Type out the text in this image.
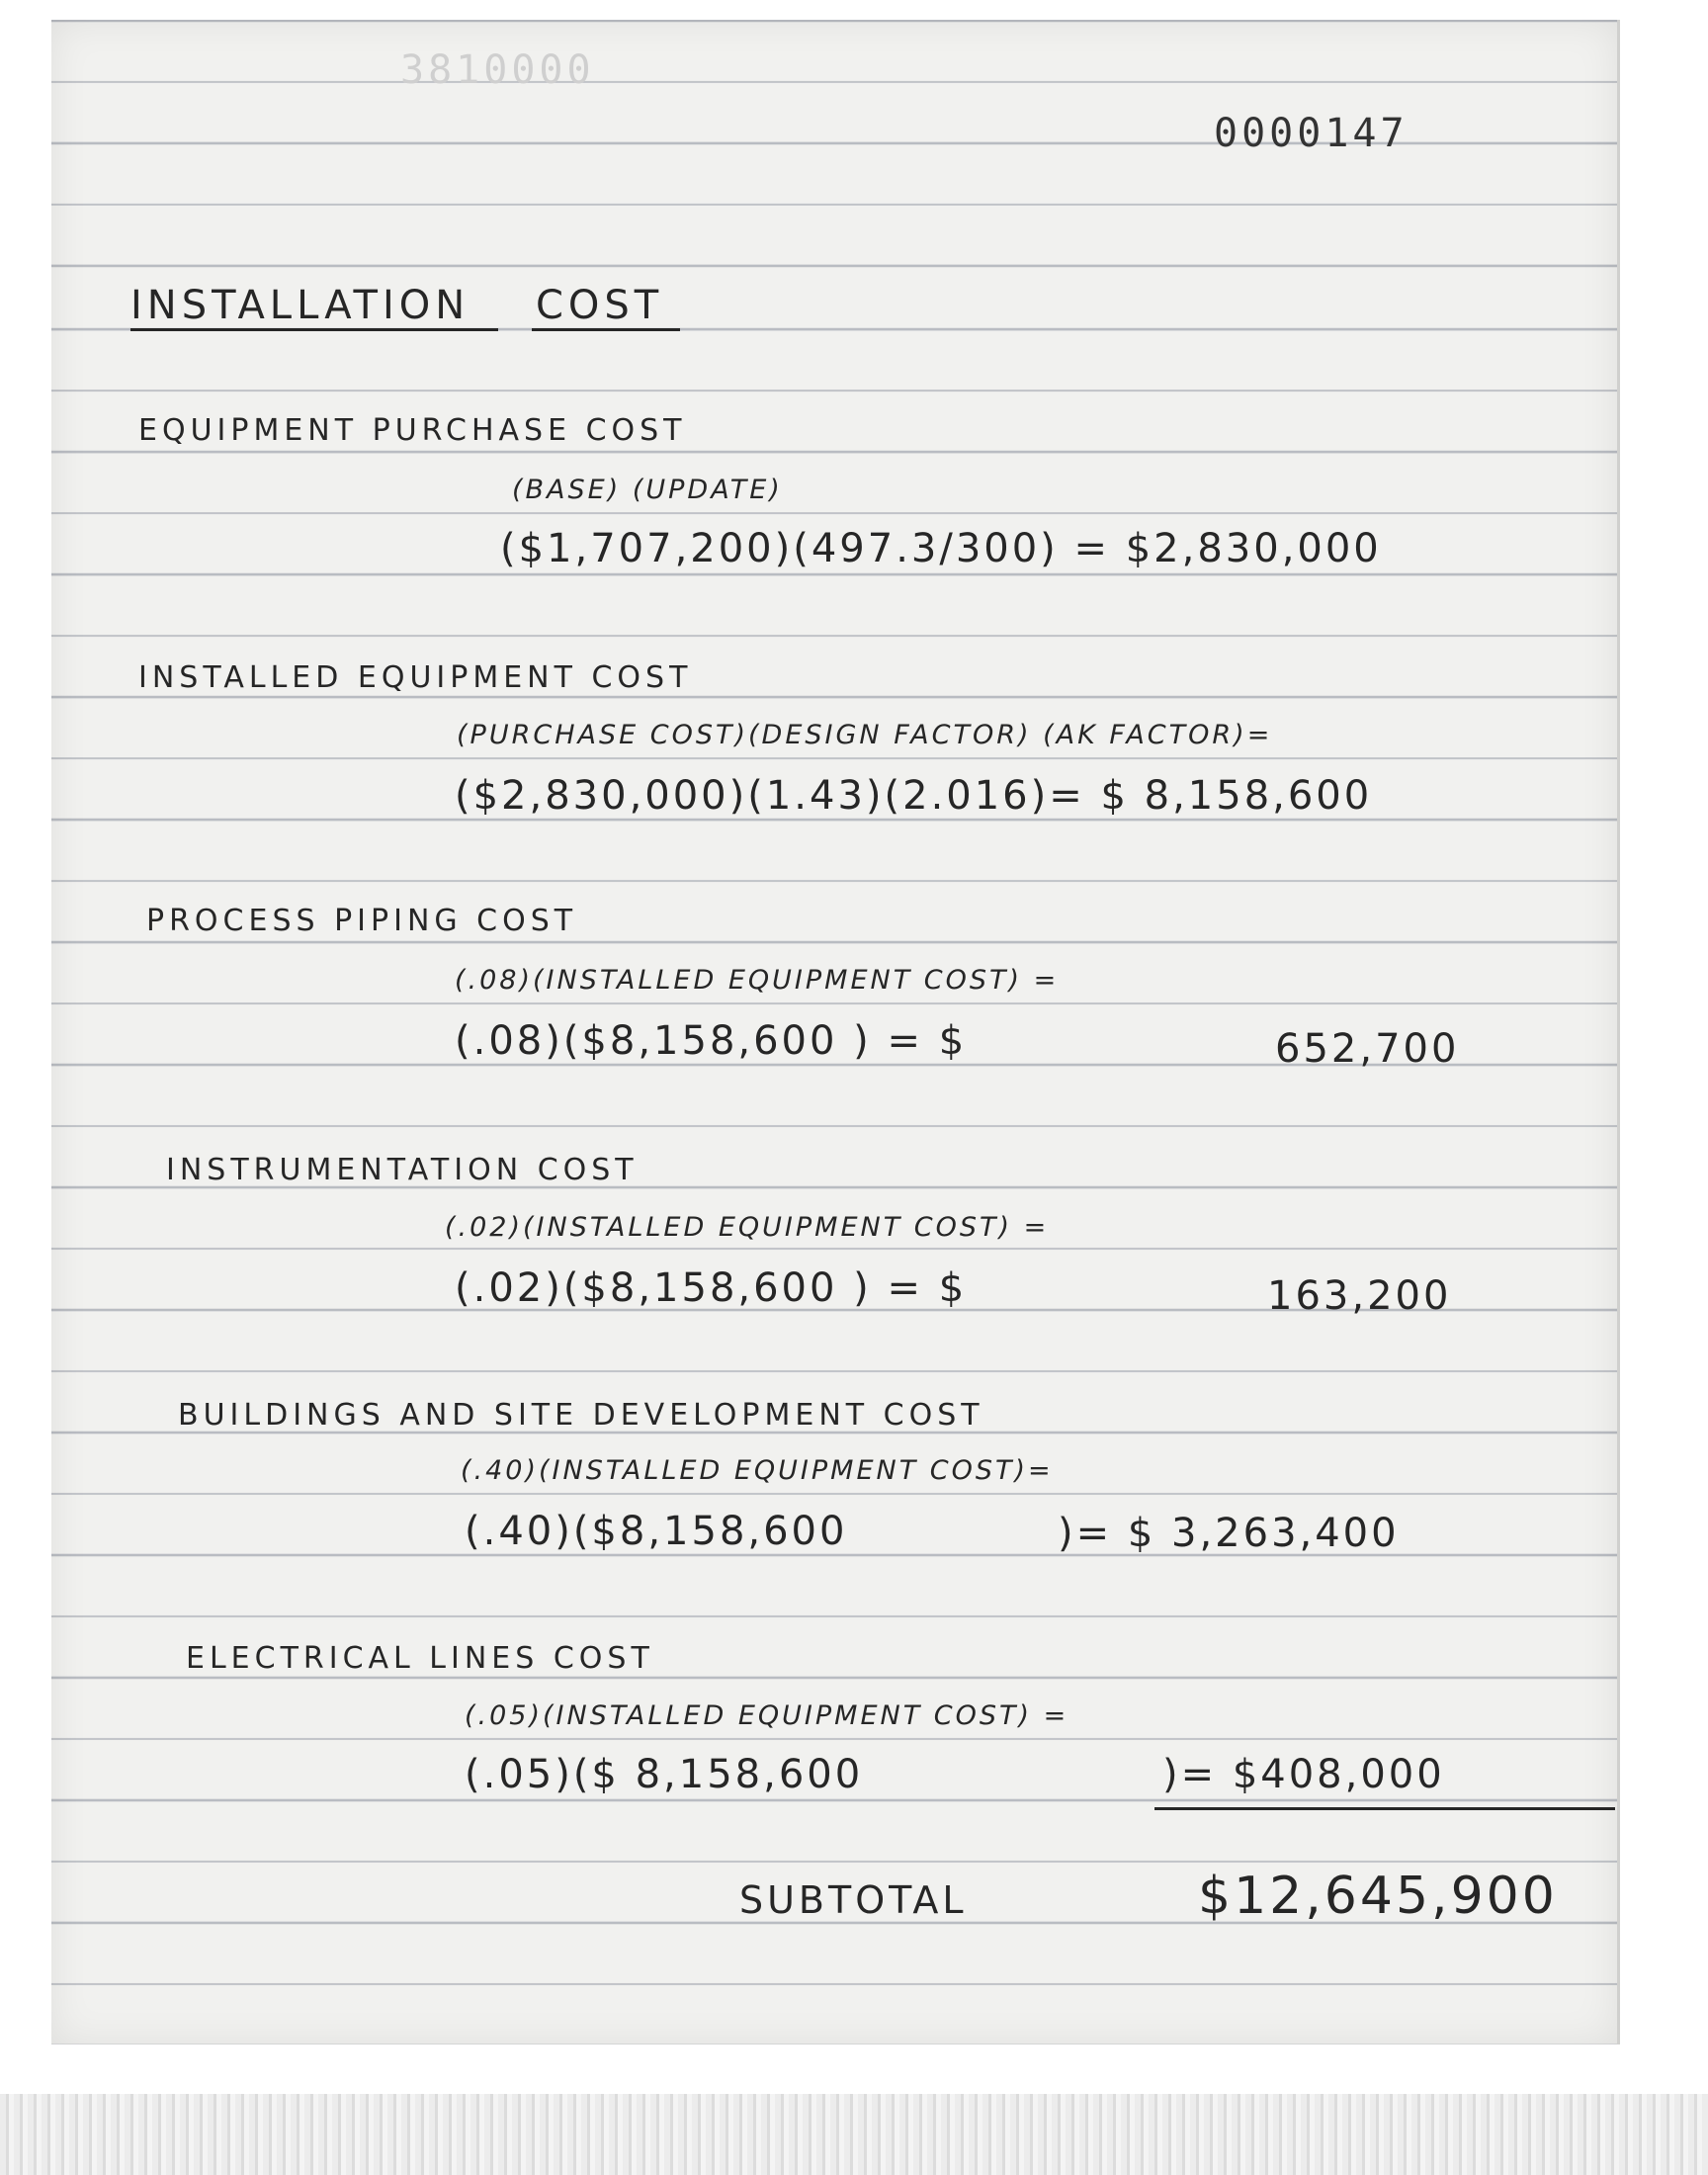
3810000
0000147
INSTALLATION COST
EQUIPMENT PURCHASE COST
(BASE) (UPDATE)
($1,707,200)(497.3/300) = $2,830,000
INSTALLED EQUIPMENT COST
(PURCHASE COST)(DESIGN FACTOR) (AK FACTOR)=
($2,830,000)(1.43)(2.016)= $ 8,158,600
PROCESS PIPING COST
(.08)(INSTALLED EQUIPMENT COST) =
(.08)($8,158,600 ) = $	652,700
INSTRUMENTATION COST
(.02)(INSTALLED EQUIPMENT COST) =
(.02)($8,158,600 ) = $	163,200
BUILDINGS AND SITE DEVELOPMENT COST
(.40)(INSTALLED EQUIPMENT COST)=
(.40)($8,158,600	)= $ 3,263,400
ELECTRICAL LINES COST
(.05)(INSTALLED EQUIPMENT COST) =
(.05)($ 8,158,600	)= $408,000
SUBTOTAL	$12,645,900
